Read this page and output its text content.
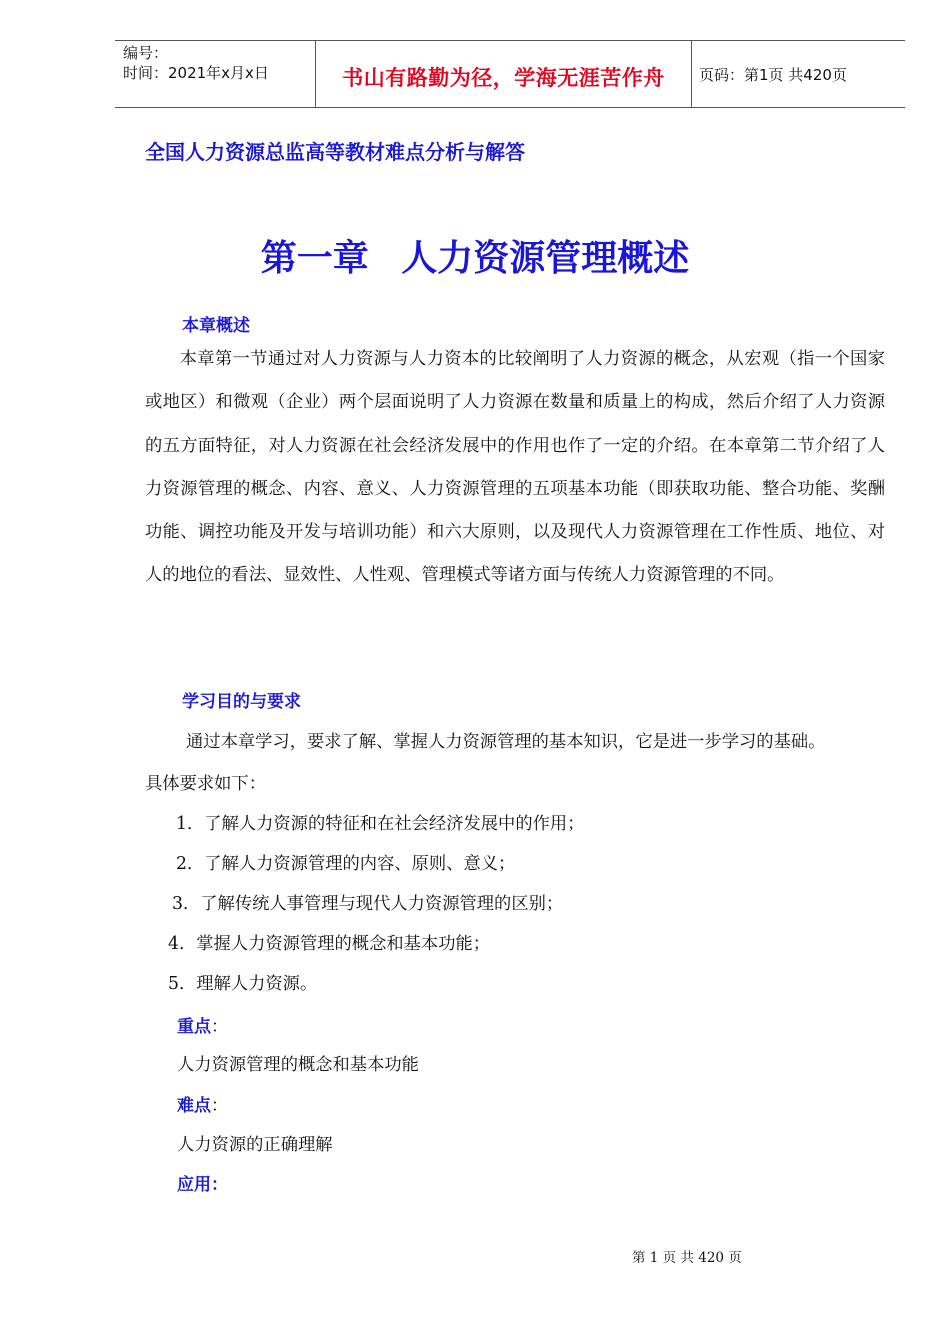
编号：
时间：2021年x月x日	书山有路勤为径，学海无涯苦作舟 页码：第1页 共420页
全国人力资源总监高等教材难点分析与解答
第一章 人力资源管理概述
本章概述
本章第一节通过对人力资源与人力资本的比较阐明了人力资源的概念，从宏观（指一个国家或地区）和微观（企业）两个层面说明了人力资源在数量和质量上的构成，然后介绍了人力资源的五方面特征，对人力资源在社会经济发展中的作用也作了一定的介绍。在本章第二节介绍了人力资源管理的概念、内容、意义、人力资源管理的五项基本功能（即获取功能、整合功能、奖酬功能、调控功能及开发与培训功能）和六大原则，以及现代人力资源管理在工作性质、地位、对人的地位的看法、显效性、人性观、管理模式等诸方面与传统人力资源管理的不同。
学习目的与要求
通过本章学习，要求了解、掌握人力资源管理的基本知识，它是进一步学习的基础。
具体要求如下：
1．了解人力资源的特征和在社会经济发展中的作用；
2．了解人力资源管理的内容、原则、意义；
3．了解传统人事管理与现代人力资源管理的区别；
4．掌握人力资源管理的概念和基本功能；
5．理解人力资源。
重点：
人力资源管理的概念和基本功能
难点：
人力资源的正确理解
应用：
第 1 页 共 420 页
